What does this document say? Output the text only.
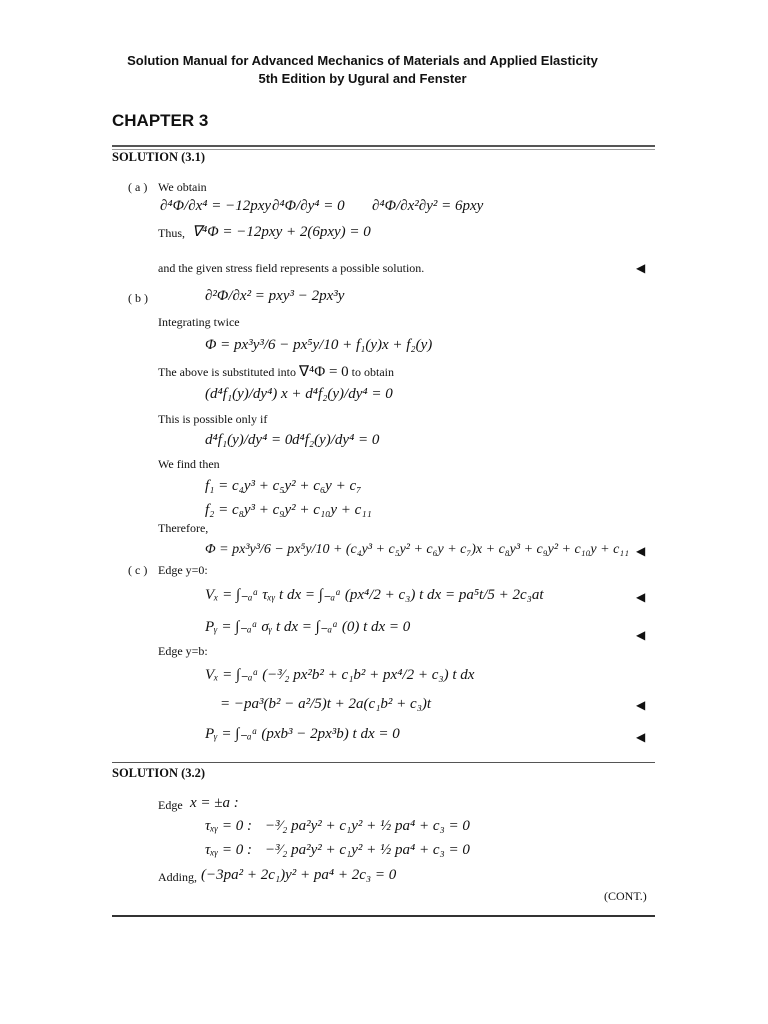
Solution Manual for Advanced Mechanics of Materials and Applied Elasticity
5th Edition by Ugural and Fenster
CHAPTER 3
SOLUTION (3.1)
( a ) We obtain
∂⁴Φ/∂x⁴ = −12pxy ∂⁴Φ/∂y⁴ = 0 ∂⁴Φ/∂x²∂y² = 6pxy
Thus, ∇⁴Φ = −12pxy + 2(6pxy) = 0
and the given stress field represents a possible solution.	◀
( b )	∂²Φ/∂x² = pxy³ − 2px³y
Integrating twice
Φ = px³y³/6 − px⁵y/10 + f₁(y)x + f₂(y)
The above is substituted into ∇⁴Φ = 0 to obtain
(d⁴f₁(y)/dy⁴) x + d⁴f₂(y)/dy⁴ = 0
This is possible only if
d⁴f₁(y)/dy⁴ = 0 d⁴f₂(y)/dy⁴ = 0
We find then
f₁ = c₄y³ + c₅y² + c₆y + c₇
f₂ = c₈y³ + c₉y² + c₁₀y + c₁₁
Therefore,
Φ = px³y³/6 − px⁵y/10 + (c₄y³ + c₅y² + c₆y + c₇)x + c₈y³ + c₉y² + c₁₀y + c₁₁ ◀
( c ) Edge y=0:
Vₓ = ∫₋ₐᵃ τₓᵧ t dx = ∫₋ₐᵃ (px⁴/2 + c₃) t dx = pa⁵t/5 + 2c₃at	◀
Pᵧ = ∫₋ₐᵃ σᵧ t dx = ∫₋ₐᵃ (0) t dx = 0	◀
Edge y=b:
Vₓ = ∫₋ₐᵃ (−³⁄₂ px²b² + c₁b² + px⁴/2 + c₃) t dx
= −pa³(b² − a²/5)t + 2a(c₁b² + c₃)t	◀
Pᵧ = ∫₋ₐᵃ (pxb³ − 2px³b) t dx = 0	◀
SOLUTION (3.2)
Edge x = ±a :
τₓᵧ = 0 : −³⁄₂ pa²y² + c₁y² + ½ pa⁴ + c₃ = 0
τₓᵧ = 0 : −³⁄₂ pa²y² + c₁y² + ½ pa⁴ + c₃ = 0
Adding, (−3pa² + 2c₁)y² + pa⁴ + 2c₃ = 0
(CONT.)
